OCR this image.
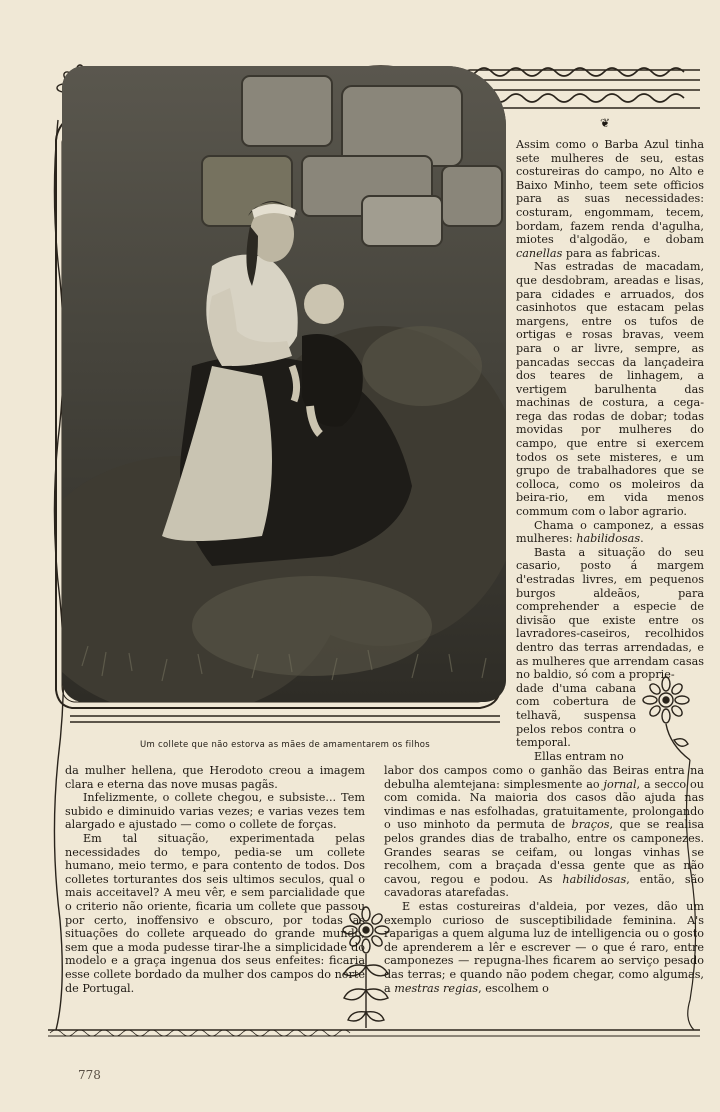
Um collete que não estorva as mães de amamentarem os filhos
❦

Assim como o Barba Azul tinha sete mulheres de seu, estas costureiras do campo, no Alto e Baixo Minho, teem sete officios para as suas necessidades: costuram, engommam, tecem, bordam, fazem renda d'agulha, miotes d'algodão, e dobam canellas para as fabricas.

Nas estradas de macadam, que desdobram, areadas e lisas, para cidades e arruados, dos casinhotos que estacam pelas margens, entre os tufos de ortigas e rosas bravas, veem para o ar livre, sempre, as pancadas seccas da lançadeira dos teares de linhagem, a vertigem barulhenta das machinas de costura, a cega-rega das rodas de dobar; todas movidas por mulheres do campo, que entre si exercem todos os sete misteres, e um grupo de trabalhadores que se colloca, como os moleiros da beira-rio, em vida menos commum com o labor agrario.

Chama o camponez, a essas mulheres: habilidosas.

Basta a situação do seu casario, posto á margem d'estradas livres, em pequenos burgos aldeãos, para comprehender a especie de divisão que existe entre os lavradores-caseiros, recolhidos dentro das terras arrendadas, e as mulheres que arrendam casas no baldio, só com a proprie-

dade d'uma cabana com cobertura de telhavã, suspensa pelos rebos contra o temporal.

Ellas entram no

da mulher hellena, que Herodoto creou a imagem clara e eterna das nove musas pagãs.

Infelizmente, o collete chegou, e subsiste... Tem subido e diminuido varias vezes; e varias vezes tem alargado e ajustado — como o collete de forças.

Em tal situação, experimentada pelas necessidades do tempo, pedia-se um collete humano, meio termo, e para contento de todos. Dos colletes torturantes dos seis ultimos seculos, qual o mais acceitavel? A meu vêr, e sem parcialidade que o criterio não oriente, ficaria um collete que passou por certo, inoffensivo e obscuro, por todas as situações do collete arqueado do grande mundo, sem que a moda pudesse tirar-lhe a simplicidade do modelo e a graça ingenua dos seus enfeites: ficaria esse collete bordado da mulher dos campos do norte de Portugal.

labor dos campos como o ganhão das Beiras entra na debulha alemtejana: simplesmente ao jornal, a secco ou com comida. Na maioria dos casos dão ajuda nas vindimas e nas esfolhadas, gratuitamente, prolongando o uso minhoto da permuta de braços, que se realisa pelos grandes dias de trabalho, entre os camponezes. Grandes searas se ceifam, ou longas vinhas se recolhem, com a braçada d'essa gente que as não cavou, regou e podou. As habilidosas, então, são cavadoras atarefadas.

E estas costureiras d'aldeia, por vezes, dão um exemplo curioso de susceptibilidade feminina. A's raparigas a quem alguma luz de intelligencia ou o gosto de aprenderem a lêr e escrever — o que é raro, entre camponezes — repugna-lhes ficarem ao serviço pesado das terras; e quando não podem chegar, como algumas, a mestras regias, escolhem o

778
